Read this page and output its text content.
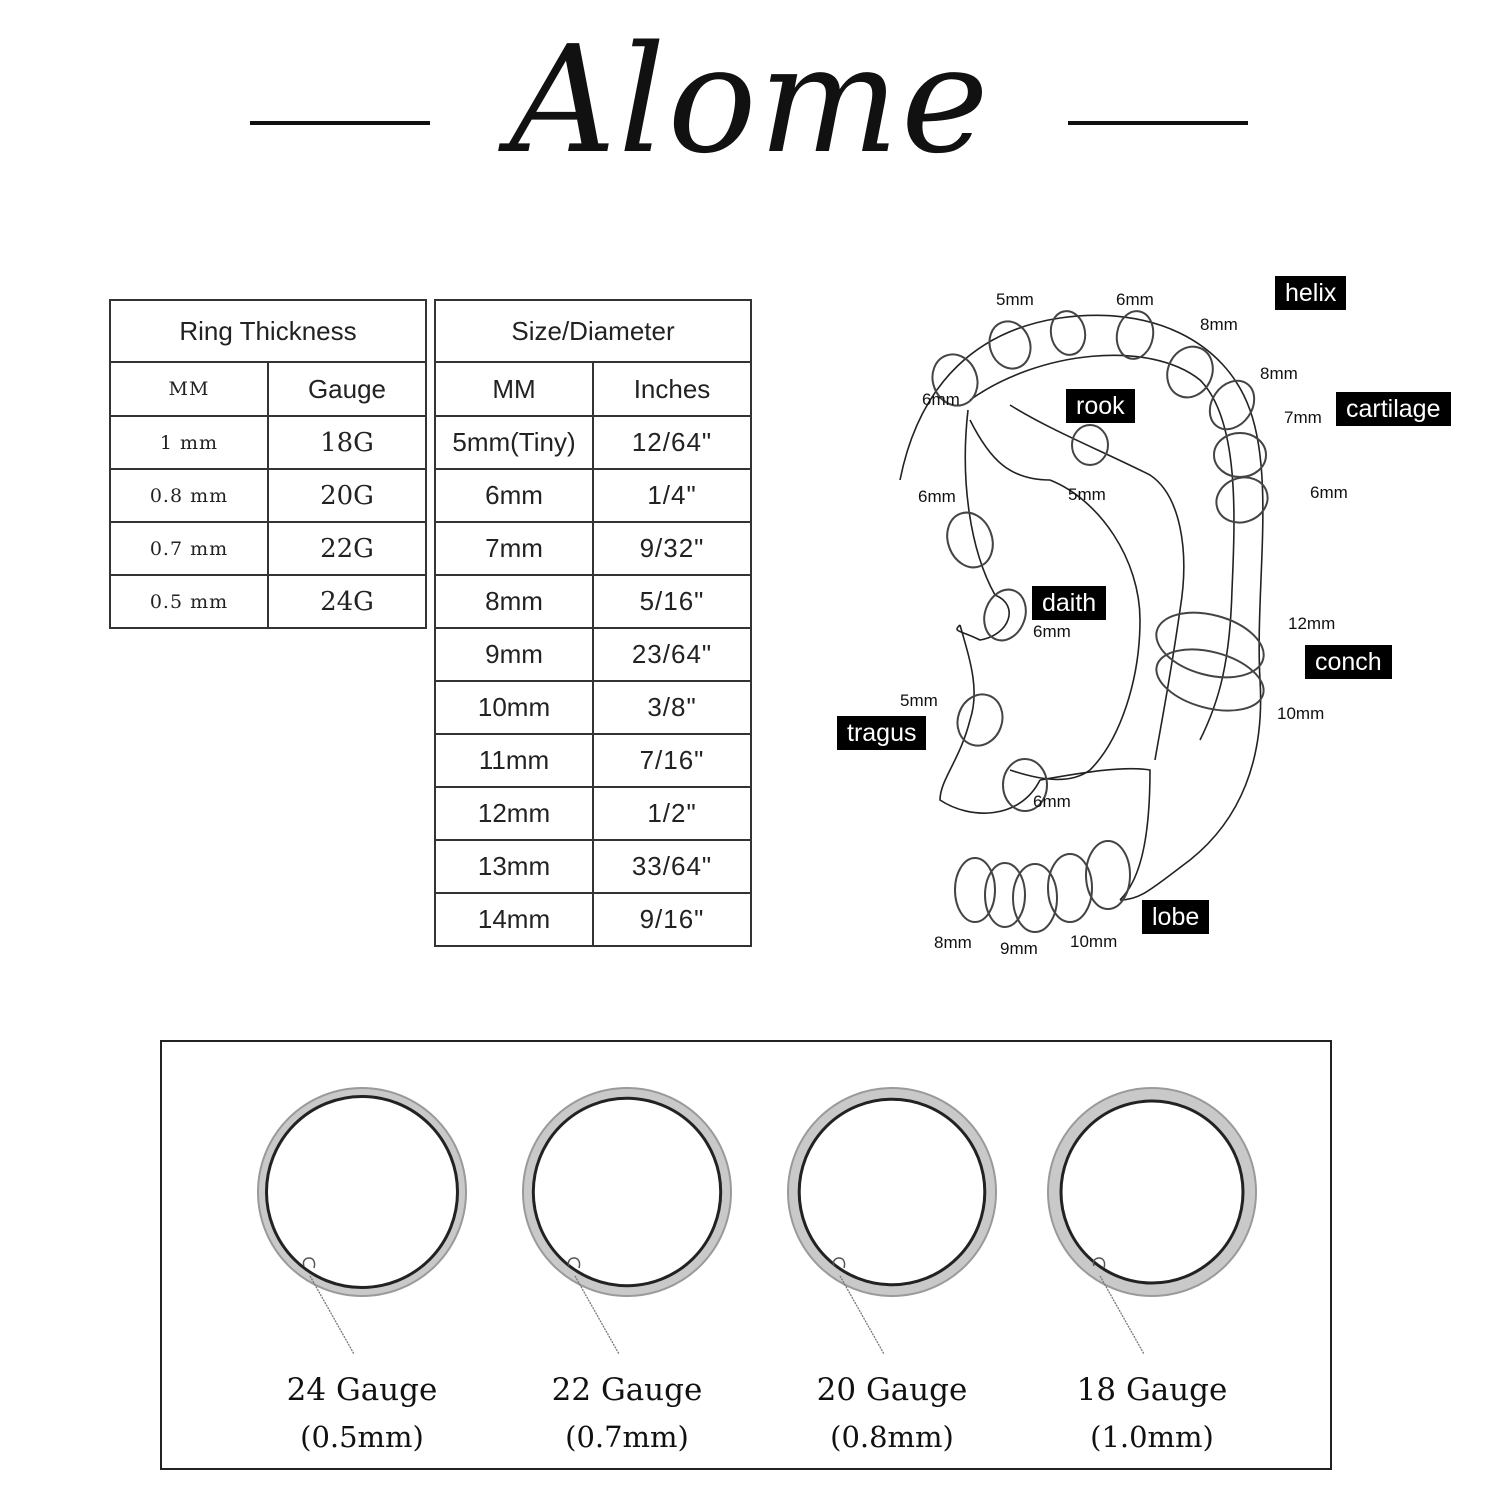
Alome
Ring Thickness	
MM	Gauge
1 mm	18G
0.8 mm	20G
0.7 mm	22G
0.5 mm	24G
Size/Diameter	
MM	Inches
5mm(Tiny)	12/64"
6mm	1/4"
7mm	9/32"
8mm	5/16"
9mm	23/64"
10mm	3/8"
11mm	7/16"
12mm	1/2"
13mm	33/64"
14mm	9/16"
helix
rook	cartilage
daith
conch
tragus
lobe
5mm	6mm
8mm
8mm
7mm
6mm
6mm
5mm
6mm
6mm	12mm
10mm
5mm
6mm
8mm 9mm 10mm
24 Gauge
(0.5mm)
22 Gauge
(0.7mm)
20 Gauge
(0.8mm)
18 Gauge
(1.0mm)
